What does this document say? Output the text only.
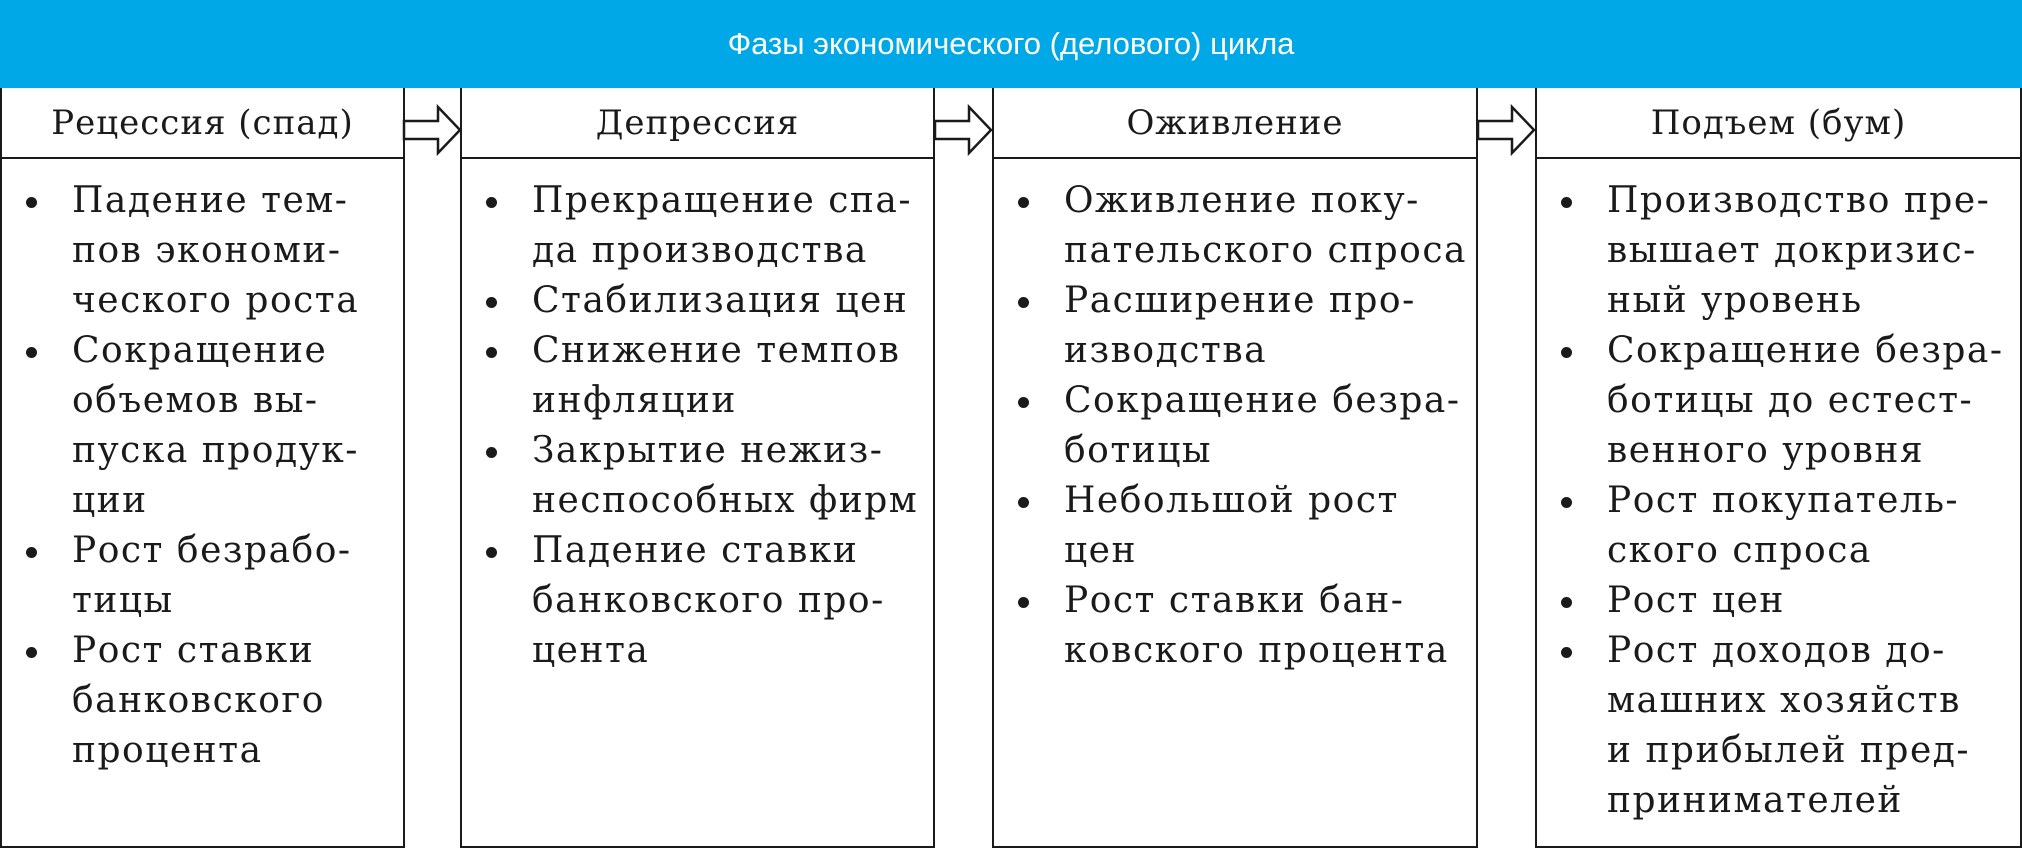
Фазы экономического (делового) цикла
Рецессия (спад)
Падение тем-
пов экономи-
ческого роста
Сокращение
объемов вы-
пуска продук-
ции
Рост безрабо-
тицы
Рост ставки
банковского
процента
Депрессия
Прекращение спа-
да производства
Стабилизация цен
Снижение темпов
инфляции
Закрытие нежиз-
неспособных фирм
Падение ставки
банковского про-
цента
Оживление
Оживление поку-
пательского спроса
Расширение про-
изводства
Сокращение безра-
ботицы
Небольшой рост
цен
Рост ставки бан-
ковского процента
Подъем (бум)
Производство пре-
вышает докризис-
ный уровень
Сокращение безра-
ботицы до естест-
венного уровня
Рост покупатель-
ского спроса
Рост цен
Рост доходов до-
машних хозяйств
и прибылей пред-
принимателей
